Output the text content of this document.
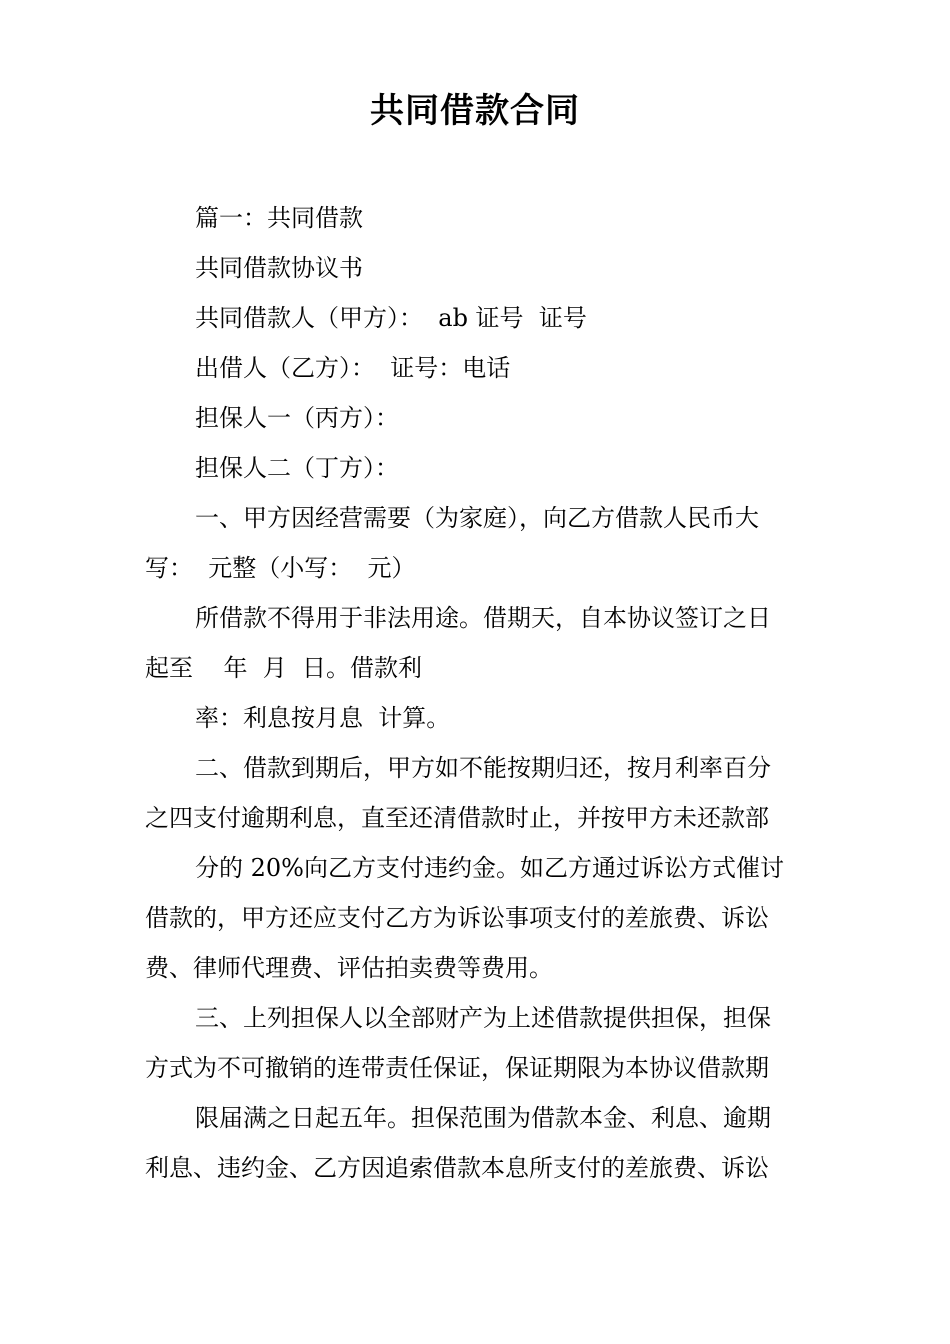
共同借款合同
篇一：共同借款
共同借款协议书
共同借款人（甲方）：  ab 证号  证号
出借人（乙方）：  证号：电话
担保人一（丙方）：
担保人二（丁方）：
一、甲方因经营需要（为家庭），向乙方借款人民币大
写：  元整（小写：  元）
所借款不得用于非法用途。借期天，自本协议签订之日
起至    年  月  日。借款利
率：利息按月息  计算。
二、借款到期后，甲方如不能按期归还，按月利率百分
之四支付逾期利息，直至还清借款时止，并按甲方未还款部
分的 20%向乙方支付违约金。如乙方通过诉讼方式催讨
借款的，甲方还应支付乙方为诉讼事项支付的差旅费、诉讼
费、律师代理费、评估拍卖费等费用。
三、上列担保人以全部财产为上述借款提供担保，担保
方式为不可撤销的连带责任保证，保证期限为本协议借款期
限届满之日起五年。担保范围为借款本金、利息、逾期
利息、违约金、乙方因追索借款本息所支付的差旅费、诉讼
